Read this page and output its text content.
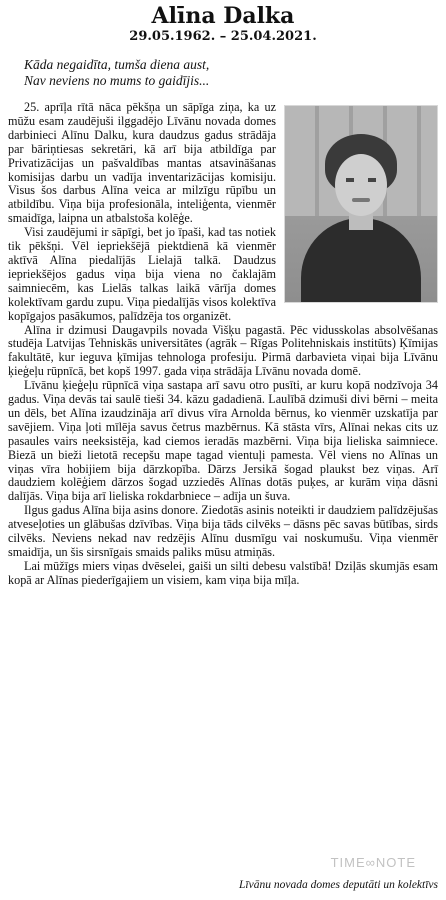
Alīna Dalka
29.05.1962. – 25.04.2021.
Kāda negaidīta, tumša diena aust,
Nav neviens no mums to gaidījis...

25. aprīļa rītā nāca pēkšņa un sāpīga ziņa, ka uz mūžu esam zaudējuši ilggadējo Līvānu novada domes darbinieci Alīnu Dalku, kura daudzus gadus strādāja par bāriņtiesas sekretāri, kā arī bija atbildīga par Privatizācijas un pašvaldības mantas atsavināšanas komisijas darbu un vadīja inventarizācijas komisiju. Visus šos darbus Alīna veica ar milzīgu rūpību un atbildību. Viņa bija profesionāla, inteliģenta, vienmēr smaidīga, laipna un atbalstoša kolēģe.

Visi zaudējumi ir sāpīgi, bet jo īpaši, kad tas notiek tik pēkšņi. Vēl iepriekšējā piektdienā kā vienmēr aktīvā Alīna piedalījās Lielajā talkā. Daudzus iepriekšējos gadus viņa bija viena no čaklajām saimniecēm, kas Lielās talkas laikā vārīja domes kolektīvam gardu zupu. Viņa piedalījās visos kolektīva kopīgajos pasākumos, palīdzēja tos organizēt.

Alīna ir dzimusi Daugavpils novada Višķu pagastā. Pēc vidusskolas absolvēšanas studēja Latvijas Tehniskās universitātes (agrāk – Rīgas Politehniskais institūts) Ķīmijas fakultātē, kur ieguva ķīmijas tehnologa profesiju. Pirmā darbavieta viņai bija Līvānu ķieģeļu rūpnīcā, bet kopš 1997. gada viņa strādāja Līvānu novada domē.

Līvānu ķieģeļu rūpnīcā viņa sastapa arī savu otro pusīti, ar kuru kopā nodzīvoja 34 gadus. Viņa devās tai saulē tieši 34. kāzu gadadienā. Laulībā dzimuši divi bērni – meita un dēls, bet Alīna izaudzināja arī divus vīra Arnolda bērnus, ko vienmēr uzskatīja par savējiem. Viņa ļoti mīlēja savus četrus mazbērnus. Kā stāsta vīrs, Alīnai nekas cits uz pasaules vairs neeksistēja, kad ciemos ieradās mazbērni. Viņa bija lieliska saimniece. Biezā un bieži lietotā recepšu mape tagad vientuļi pamesta. Vēl viens no Alīnas un viņas vīra hobijiem bija dārzkopība. Dārzs Jersikā šogad plaukst bez viņas. Arī daudziem kolēģiem dārzos šogad uzziedēs Alīnas dotās puķes, ar kurām viņa dāsni dalījās. Viņa bija arī lieliska rokdarbniece – adīja un šuva.

Ilgus gadus Alīna bija asins donore. Ziedotās asinis noteikti ir daudziem palīdzējušas atveseļoties un glābušas dzīvības. Viņa bija tāds cilvēks – dāsns pēc savas būtības, sirds cilvēks. Neviens nekad nav redzējis Alīnu dusmīgu vai noskumušu. Viņa vienmēr smaidīja, un šis sirsnīgais smaids paliks mūsu atmiņās.

Lai mūžīgs miers viņas dvēselei, gaiši un silti debesu valstībā! Dziļās skumjās esam kopā ar Alīnas piederīgajiem un visiem, kam viņa bija mīļa.

TIME∞NOTE
Līvānu novada domes deputāti un kolektīvs
